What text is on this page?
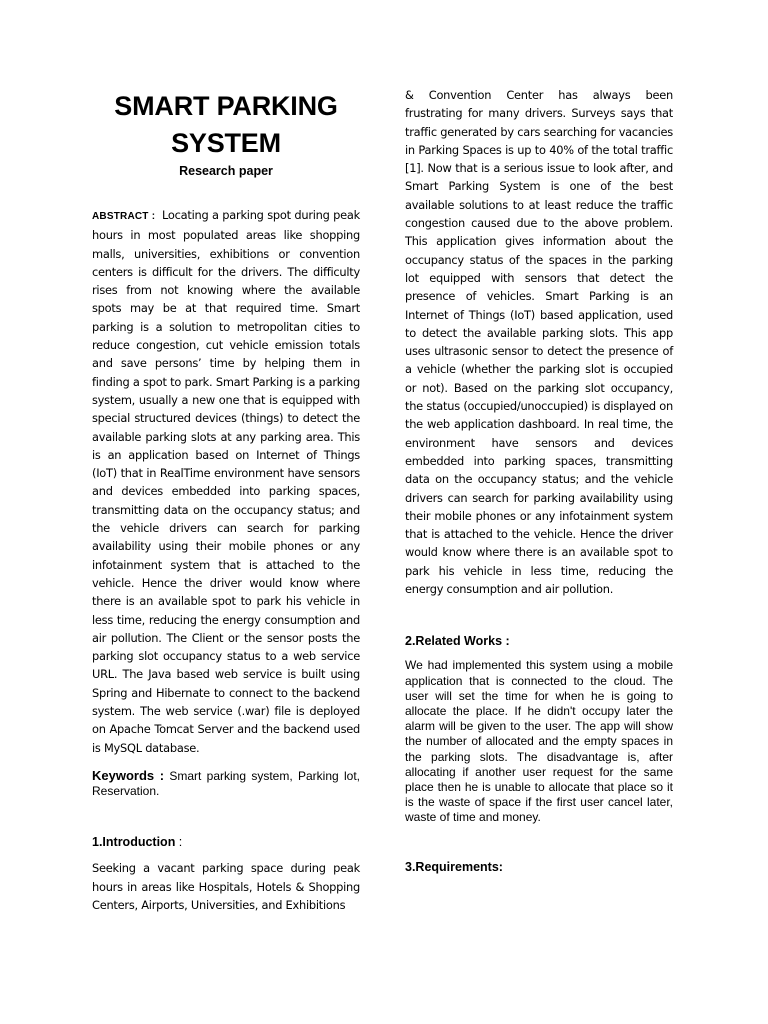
SMART PARKING
SYSTEM

Research paper

ABSTRACT :  Locating a parking spot during peak hours in most populated areas like shopping malls, universities, exhibitions or convention centers is difficult for the drivers. The difficulty rises from not knowing where the available spots may be at that required time. Smart parking is a solution to metropolitan cities to reduce congestion, cut vehicle emission totals and save persons’ time by helping them in finding a spot to park. Smart Parking is a parking system, usually a new one that is equipped with special structured devices (things) to detect the available parking slots at any parking area. This is an application based on Internet of Things (IoT) that in RealTime environment have sensors and devices embedded into parking spaces, transmitting data on the occupancy status; and the vehicle drivers can search for parking availability using their mobile phones or any infotainment system that is attached to the vehicle. Hence the driver would know where there is an available spot to park his vehicle in less time, reducing the energy consumption and air pollution. The Client or the sensor posts the parking slot occupancy status to a web service URL. The Java based web service is built using Spring and Hibernate to connect to the backend system. The web service (.war) file is deployed on Apache Tomcat Server and the backend used is MySQL database.

Keywords : Smart parking system, Parking lot, Reservation.

1.Introduction :

Seeking a vacant parking space during peak hours in areas like Hospitals, Hotels & Shopping Centers, Airports, Universities, and Exhibitions

& Convention Center has always been frustrating for many drivers. Surveys says that traffic generated by cars searching for vacancies in Parking Spaces is up to 40% of the total traffic [1]. Now that is a serious issue to look after, and Smart Parking System is one of the best available solutions to at least reduce the traffic congestion caused due to the above problem. This application gives information about the occupancy status of the spaces in the parking lot equipped with sensors that detect the presence of vehicles. Smart Parking is an Internet of Things (IoT) based application, used to detect the available parking slots. This app uses ultrasonic sensor to detect the presence of a vehicle (whether the parking slot is occupied or not). Based on the parking slot occupancy, the status (occupied/unoccupied) is displayed on the web application dashboard. In real time, the environment have sensors and devices embedded into parking spaces, transmitting data on the occupancy status; and the vehicle drivers can search for parking availability using their mobile phones or any infotainment system that is attached to the vehicle. Hence the driver would know where there is an available spot to park his vehicle in less time, reducing the energy consumption and air pollution.

2.Related Works :

We had implemented this system using a mobile application that is connected to the cloud. The user will set the time for when he is going to allocate the place. If he didn't occupy later the alarm will be given to the user. The app will show the number of allocated and the empty spaces in the parking slots. The disadvantage is, after allocating if another user request for the same place then he is unable to allocate that place so it is the waste of space if the first user cancel later, waste of time and money.

3.Requirements:
